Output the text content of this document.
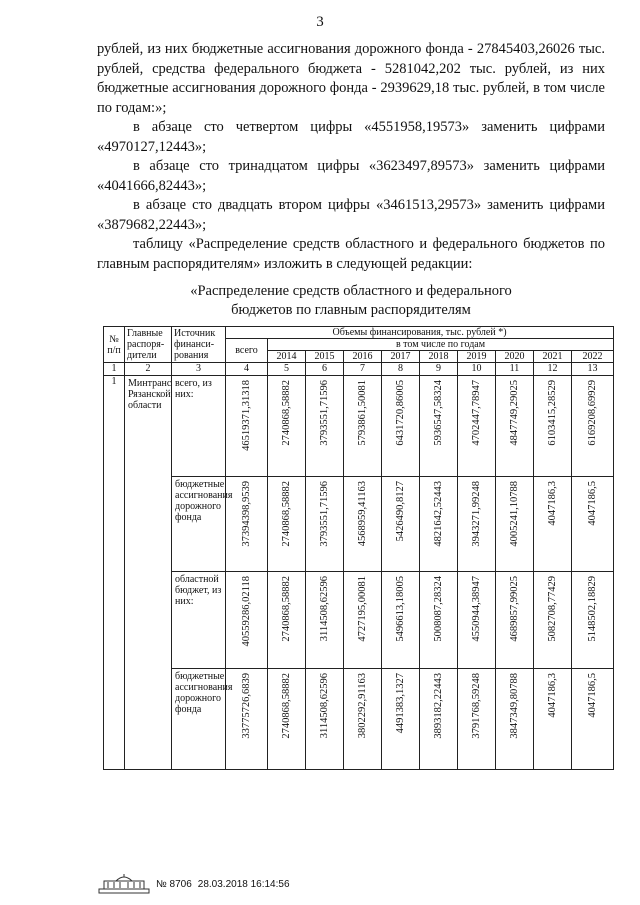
3

рублей, из них бюджетные ассигнования дорожного фонда - 27845403,26026 тыс. рублей, средства федерального бюджета - 5281042,202 тыс. рублей, из них бюджетные ассигнования дорожного фонда - 2939629,18 тыс. рублей, в том числе по годам:»;

в абзаце сто четвертом цифры «4551958,19573» заменить цифрами «4970127,12443»;

в абзаце сто тринадцатом цифры «3623497,89573» заменить цифрами «4041666,82443»;

в абзаце сто двадцать втором цифры «3461513,29573» заменить цифрами «3879682,22443»;

таблицу «Распределение средств областного и федерального бюджетов по главным распорядителям» изложить в следующей редакции:

«Распределение средств областного и федерального
бюджетов по главным распорядителям
№ п/п	Главные распоря-дители	Источник финанси-рования	Объемы финансирования, тыс. рублей *)									
			всего	в том числе по годам								
				2014	2015	2016	2017	2018	2019	2020	2021	2022
1	2	3	4	5	6	7	8	9	10	11	12	13
1	Минтранс Рязанской области	всего, из них:	46519371,31318	2740868,58882	3793551,71596	5793861,50081	6431720,86005	5936547,58324	4702447,78947	4847749,29025	6103415,28529	6169208,69929
		бюджетные ассигнования дорожного фонда	37394398,9539	2740868,58882	3793551,71596	4568959,41163	5426490,8127	4821642,52443	3943271,99248	4005241,10788	4047186,3	4047186,5
		областной бюджет, из них:	40559286,02118	2740868,58882	3114508,62596	4727195,00081	5496613,18005	5008087,28324	4550944,38947	4689857,99025	5082708,77429	5148502,18829
		бюджетные ассигнования дорожного фонда	33775726,6839	2740868,58882	3114508,62596	3802292,91163	4491383,1327	3893182,22443	3791768,59248	3847349,80788	4047186,3	4047186,5
№ 8706 28.03.2018 16:14:56
